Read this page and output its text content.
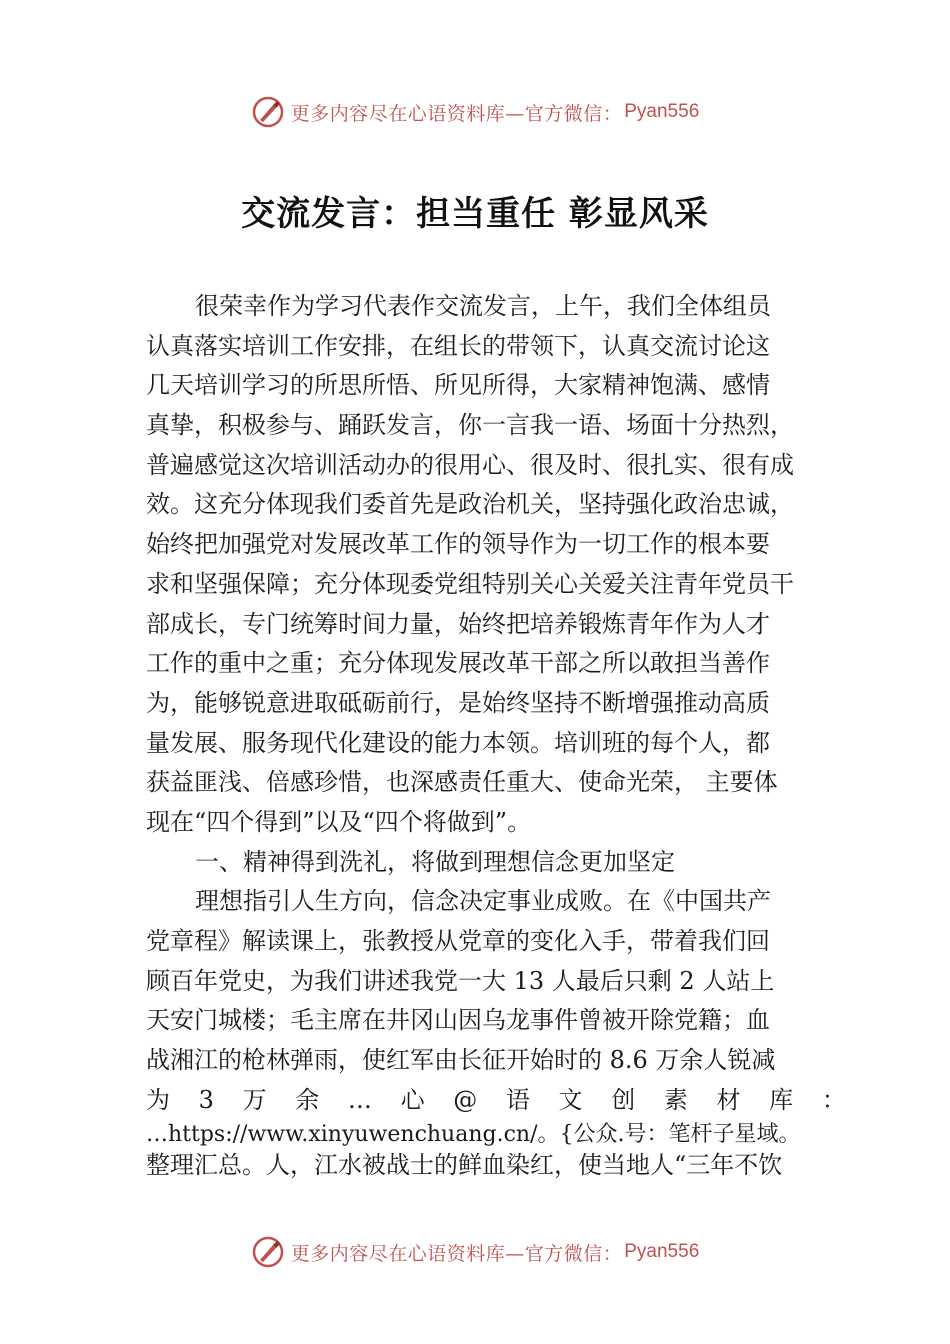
更多内容尽在心语资料库—官方微信： Pyan556
交流发言：担当重任 彰显风采
很荣幸作为学习代表作交流发言，上午，我们全体组员
认真落实培训工作安排，在组长的带领下，认真交流讨论这
几天培训学习的所思所悟、所见所得，大家精神饱满、感情
真挚，积极参与、踊跃发言，你一言我一语、场面十分热烈，
普遍感觉这次培训活动办的很用心、很及时、很扎实、很有成
效。这充分体现我们委首先是政治机关，坚持强化政治忠诚，
始终把加强党对发展改革工作的领导作为一切工作的根本要
求和坚强保障；充分体现委党组特别关心关爱关注青年党员干
部成长，专门统筹时间力量，始终把培养锻炼青年作为人才
工作的重中之重；充分体现发展改革干部之所以敢担当善作
为，能够锐意进取砥砺前行，是始终坚持不断增强推动高质
量发展、服务现代化建设的能力本领。培训班的每个人，都
获益匪浅、倍感珍惜，也深感责任重大、使命光荣， 主要体
现在“四个得到”以及“四个将做到”。
一、精神得到洗礼，将做到理想信念更加坚定
理想指引人生方向，信念决定事业成败。在《中国共产
党章程》解读课上，张教授从党章的变化入手，带着我们回
顾百年党史，为我们讲述我党一大 13 人最后只剩 2 人站上
天安门城楼；毛主席在井冈山因乌龙事件曾被开除党籍；血
战湘江的枪林弹雨，使红军由长征开始时的 8.6 万余人锐减
为 3 万 余 … 心 @ 语 文 创 素 材 库 ：
…https://www.xinyuwenchuang.cn/。{公众.号：笔杆子星域。
整理汇总。人，江水被战士的鲜血染红，使当地人“三年不饮
更多内容尽在心语资料库—官方微信： Pyan556
